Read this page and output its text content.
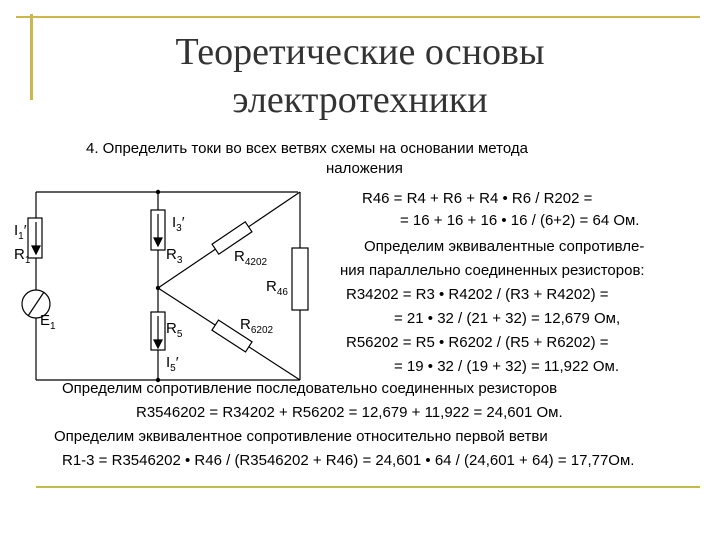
Теоретические основы
электротехники
4. Определить токи во всех ветвях схемы на основании метода
наложения
$I_1'$
$R_1$
$E_1$
$I_3'$
$R_3$	$R_{4202}$
$R_{46}$
$R_5$
$R_{6202}$
$I_5'$
R46 = R4 + R6 + R4 • R6 / R202 =
= 16 + 16 + 16 • 16 / (6+2) = 64 Ом.
Определим эквивалентные сопротивле-
ния параллельно соединенных резисторов:
R34202 = R3 • R4202 / (R3 + R4202) =
= 21 • 32 / (21 + 32) = 12,679 Ом,
R56202 = R5 • R6202 / (R5 + R6202) =
= 19 • 32 / (19 + 32) = 11,922 Ом.
Определим сопротивление последовательно соединенных резисторов
R3546202 = R34202 + R56202 = 12,679 + 11,922 = 24,601 Ом.
Определим эквивалентное сопротивление относительно первой ветви
R1-3 = R3546202 • R46 / (R3546202 + R46) = 24,601 • 64 / (24,601 + 64) = 17,77Ом.
